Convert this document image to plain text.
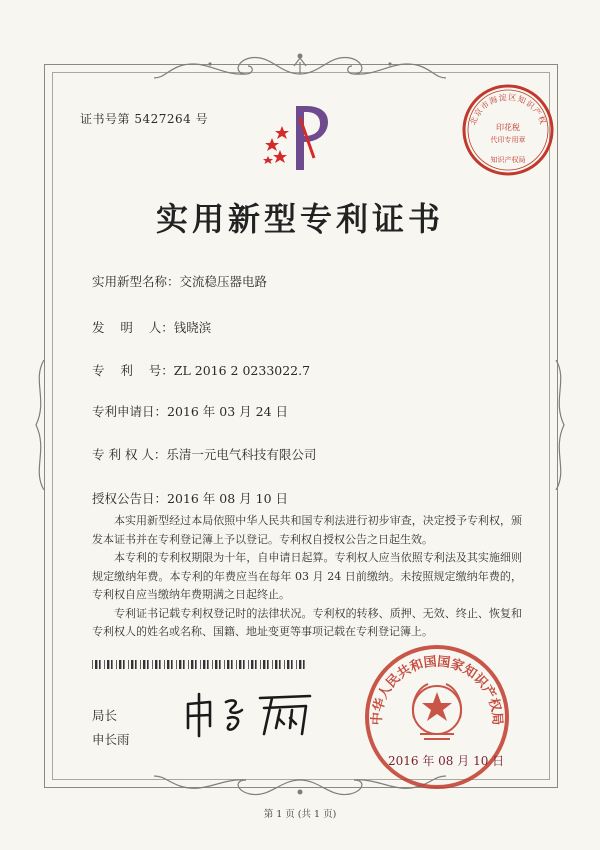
证书号第 5427264 号	北京市海淀区知识产权
印花税
代印专用章
知识产权局
实用新型专利证书
实用新型名称：交流稳压器电路
发    明    人：钱晓滨
专    利    号：ZL 2016 2 0233022.7
专利申请日：2016 年 03 月 24 日
专 利 权 人：乐清一元电气科技有限公司
授权公告日：2016 年 08 月 10 日

本实用新型经过本局依照中华人民共和国专利法进行初步审查，决定授予专利权，颁发本证书并在专利登记簿上予以登记。专利权自授权公告之日起生效。

本专利的专利权期限为十年，自申请日起算。专利权人应当依照专利法及其实施细则规定缴纳年费。本专利的年费应当在每年 03 月 24 日前缴纳。未按照规定缴纳年费的，专利权自应当缴纳年费期满之日起终止。

专利证书记载专利权登记时的法律状况。专利权的转移、质押、无效、终止、恢复和专利权人的姓名或名称、国籍、地址变更等事项记载在专利登记簿上。

局长
申长雨
中华人民共和国国家知识产权局
2016 年 08 月 10 日
第 1 页 (共 1 页)
